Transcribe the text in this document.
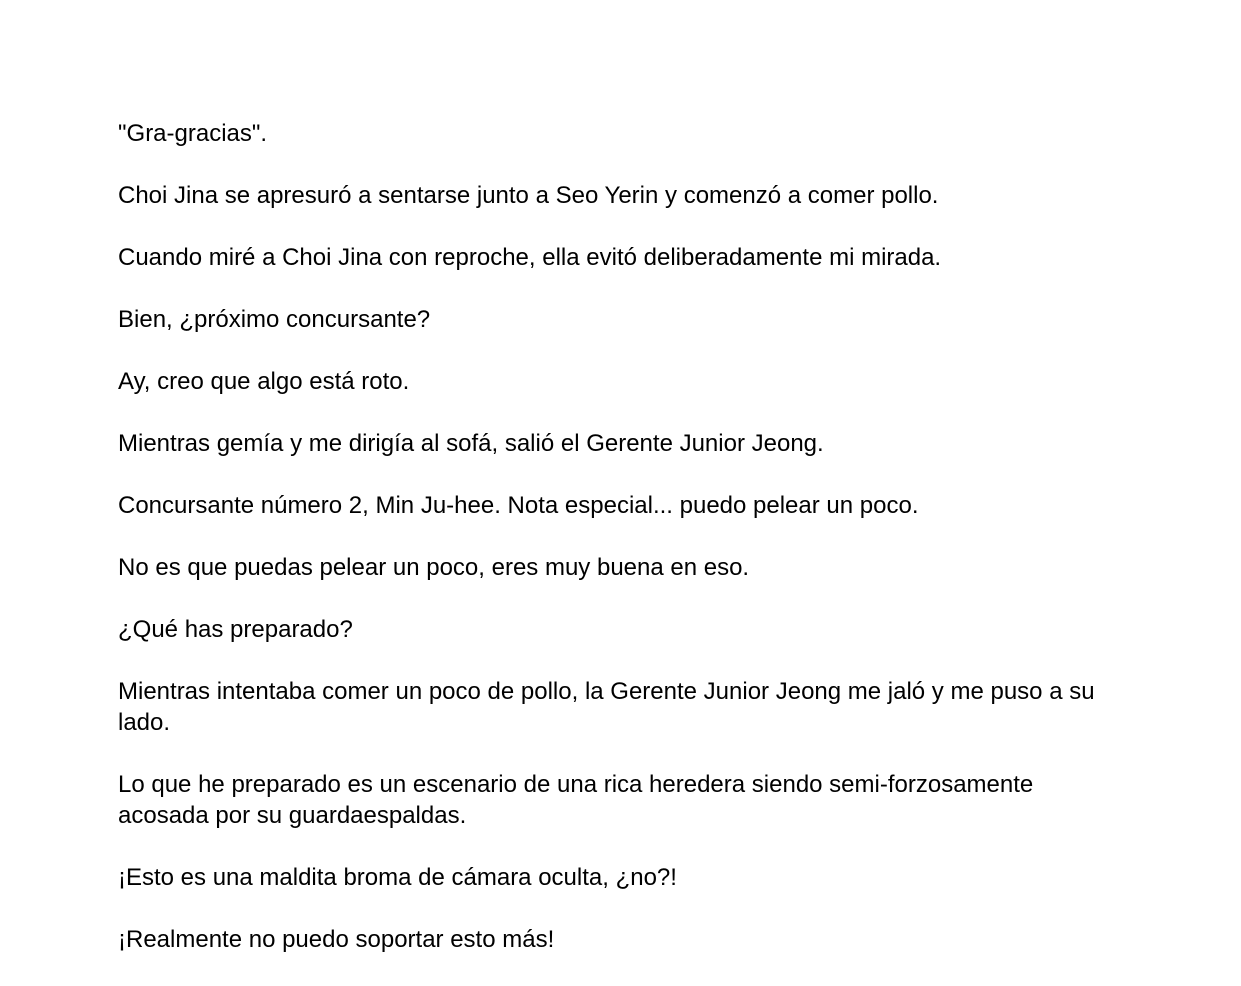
"Gra-gracias".

Choi Jina se apresuró a sentarse junto a Seo Yerin y comenzó a comer pollo.

Cuando miré a Choi Jina con reproche, ella evitó deliberadamente mi mirada.

Bien, ¿próximo concursante?

Ay, creo que algo está roto.

Mientras gemía y me dirigía al sofá, salió el Gerente Junior Jeong.

Concursante número 2, Min Ju-hee. Nota especial... puedo pelear un poco.

No es que puedas pelear un poco, eres muy buena en eso.

¿Qué has preparado?

Mientras intentaba comer un poco de pollo, la Gerente Junior Jeong me jaló y me puso a su lado.

Lo que he preparado es un escenario de una rica heredera siendo semi-forzosamente acosada por su guardaespaldas.

¡Esto es una maldita broma de cámara oculta, ¿no?!

¡Realmente no puedo soportar esto más!
